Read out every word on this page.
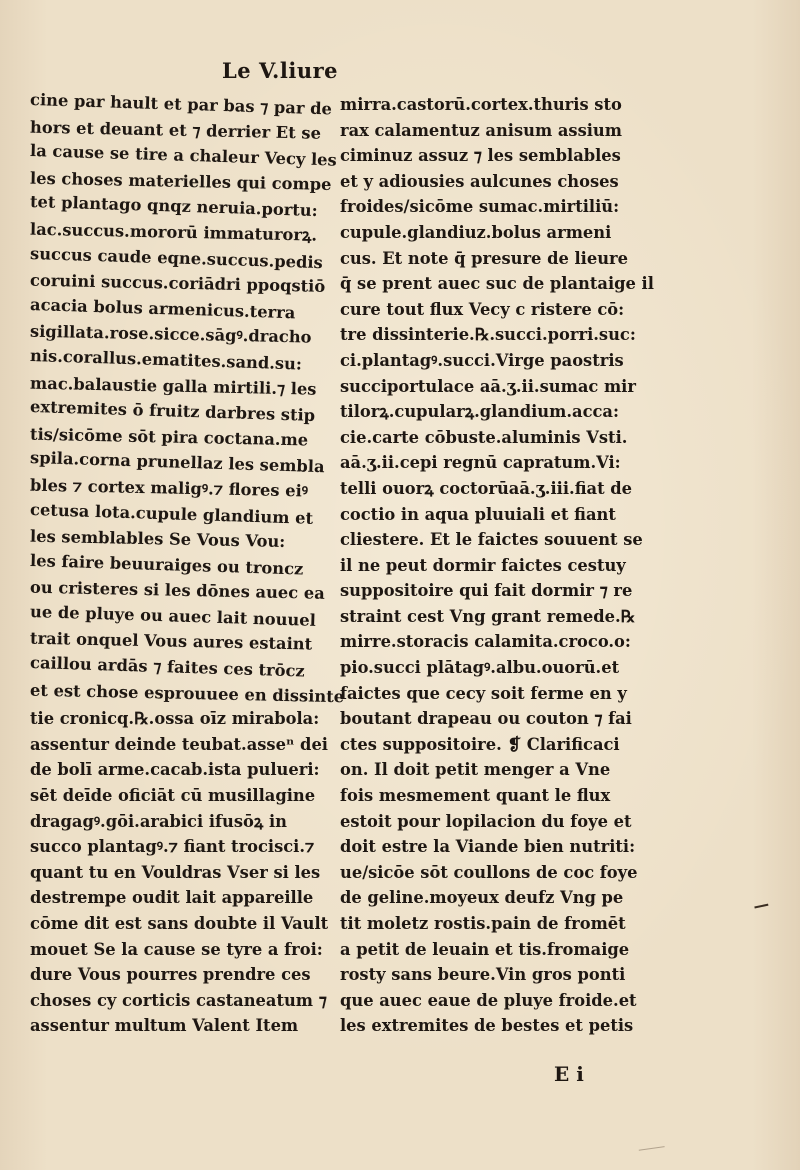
Le V.liure
cine par hault et par bas ⁊ par de
hors et deuant et ⁊ derrier Et se
la cause se tire a chaleur Vecy les
les choses materielles qui compe
tet plantago qnqz neruia.portu:
lac.succus.mororū immaturorꝝ.
succus caude eqne.succus.pedis
coruini succus.coriādri ppoqstiō
acacia bolus armenicus.terra
sigillata.rose.sicce.sāgꝰ.dracho
nis.corallus.ematites.sand.su:
mac.balaustie galla mirtili.⁊ les
extremites ō fruitz darbres stip
tis/sicōme sōt pira coctana.me
spila.corna prunellaz les sembla
bles ⁊ cortex maligꝰ.⁊ flores eiꝰ
cetusa lota.cupule glandium et
les semblables Se Vous Vou:
les faire beuuraiges ou troncz
ou cristeres si les dōnes auec ea
ue de pluye ou auec lait nouuel
trait onquel Vous aures estaint
caillou ardās ⁊ faites ces trōcz
et est chose esprouuee en dissinte
tie cronicq.℞.ossa oīz mirabola:
assentur deinde teubat.asseⁿ dei
de bolī arme.cacab.ista pulueri:
sēt deīde oficiāt cū musillagine
dragagꝰ.gōi.arabici ifusōꝝ in
succo plantagꝰ.⁊ fiant trocisci.⁊
quant tu en Vouldras Vser si les
destrempe oudit lait appareille
cōme dit est sans doubte il Vault
mouet Se la cause se tyre a froi:
dure Vous pourres prendre ces
choses cy corticis castaneatum ⁊
assentur multum Valent Item
mirra.castorū.cortex.thuris sto
rax calamentuz anisum assium
ciminuz assuz ⁊ les semblables
et y adiousies aulcunes choses
froides/sicōme sumac.mirtiliū:
cupule.glandiuz.bolus armeni
cus. Et note q̄ presure de lieure
q̄ se prent auec suc de plantaige il
cure tout flux Vecy c ristere cō:
tre dissinterie.℞.succi.porri.suc:
ci.plantagꝰ.succi.Virge paostris
succiportulace aā.ʒ.ii.sumac mir
tilorꝝ.cupularꝝ.glandium.acca:
cie.carte cōbuste.aluminis Vsti.
aā.ʒ.ii.cepi regnū capratum.Vi:
telli ouorꝝ coctorūaā.ʒ.iii.fiat de
coctio in aqua pluuiali et fiant
cliestere. Et le faictes souuent se
il ne peut dormir faictes cestuy
suppositoire qui fait dormir ⁊ re
straint cest Vng grant remede.℞
mirre.storacis calamita.croco.o:
pio.succi plātagꝰ.albu.ouorū.et
faictes que cecy soit ferme en y
boutant drapeau ou couton ⁊ fai
ctes suppositoire. ❡ Clarificaci
on. Il doit petit menger a Vne
fois mesmement quant le flux
estoit pour lopilacion du foye et
doit estre la Viande bien nutriti:
ue/sicōe sōt coullons de coc foye
de geline.moyeux deufz Vng pe
tit moletz rostis.pain de fromēt
a petit de leuain et tis.fromaige
rosty sans beure.Vin gros ponti
que auec eaue de pluye froide.et
les extremites de bestes et petis
E i
